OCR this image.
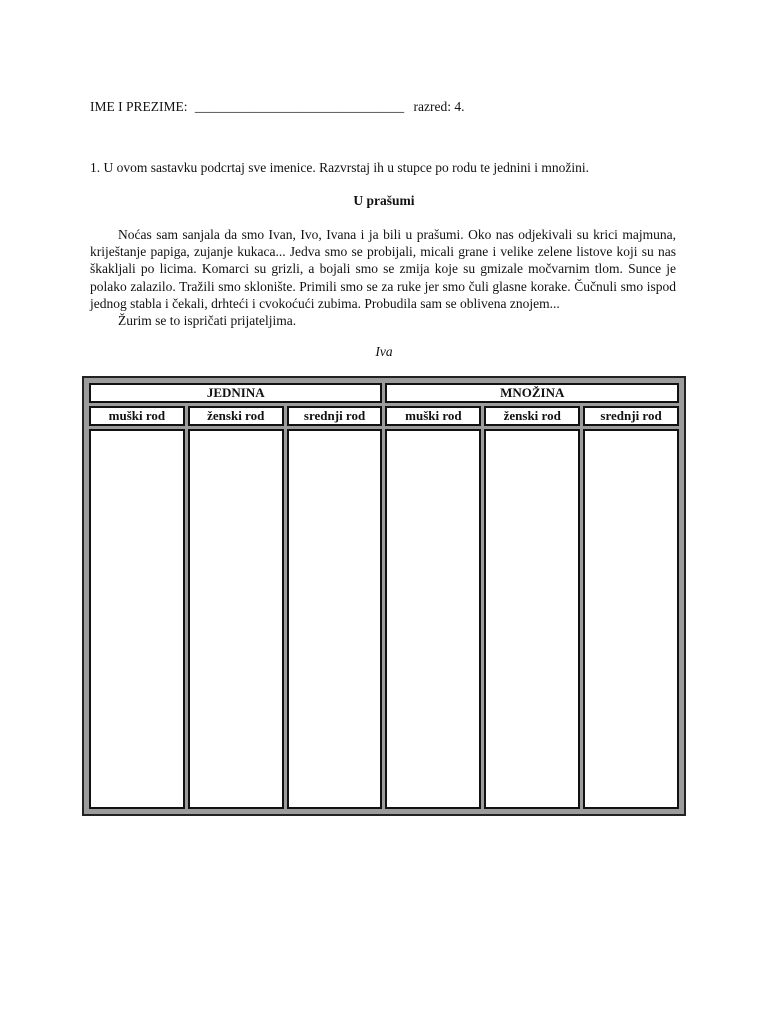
IME I PREZIME: _______________________________ razred: 4.
1. U ovom sastavku podcrtaj sve imenice. Razvrstaj ih u stupce po rodu te jednini i množini.
U prašumi

Noćas sam sanjala da smo Ivan, Ivo, Ivana i ja bili u prašumi. Oko nas odjekivali su krici majmuna, kriještanje papiga, zujanje kukaca... Jedva smo se probijali, micali grane i velike zelene listove koji su nas škakljali po licima. Komarci su grizli, a bojali smo se zmija koje su gmizale močvarnim tlom. Sunce je polako zalazilo. Tražili smo sklonište. Primili smo se za ruke jer smo čuli glasne korake. Čučnuli smo ispod jednog stabla i čekali, drhteći i cvokoćući zubima. Probudila sam se oblivena znojem...

Žurim se to ispričati prijateljima.

Iva
JEDNINA			MNOŽINA		
muški rod	ženski rod	srednji rod	muški rod	ženski rod	srednji rod
